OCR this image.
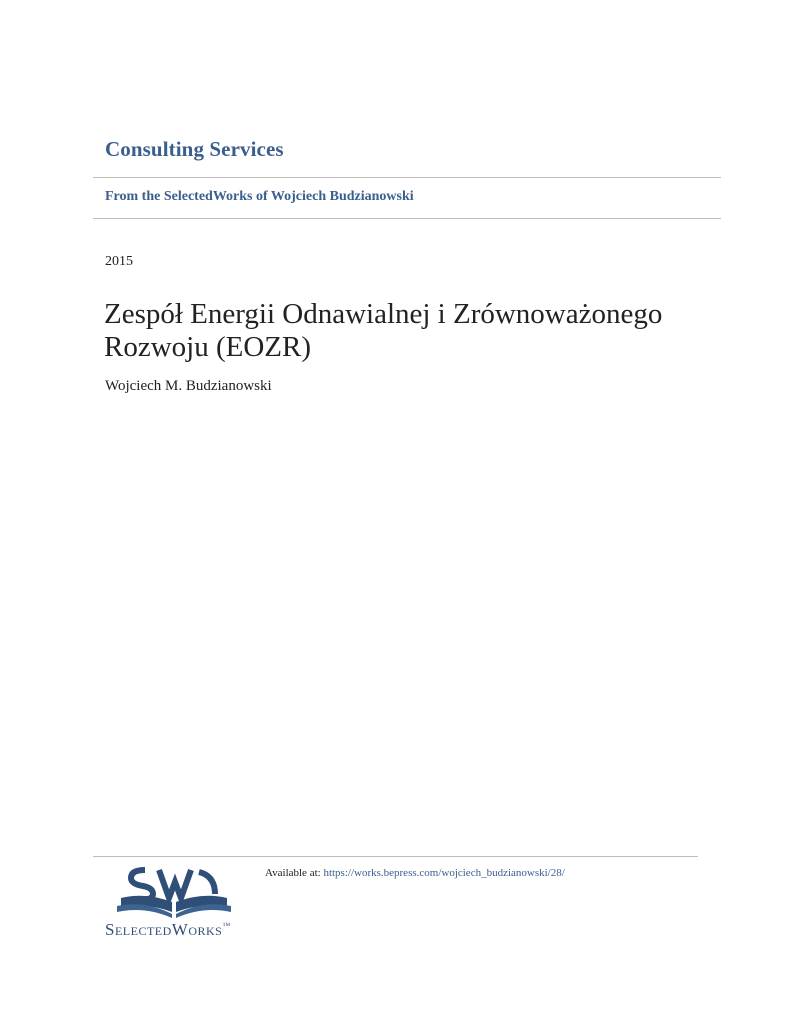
Consulting Services
From the SelectedWorks of Wojciech Budzianowski
2015
Zespół Energii Odnawialnej i Zrównoważonego Rozwoju (EOZR)
Wojciech M. Budzianowski
SelectedWorks™
Available at: https://works.bepress.com/wojciech_budzianowski/28/
